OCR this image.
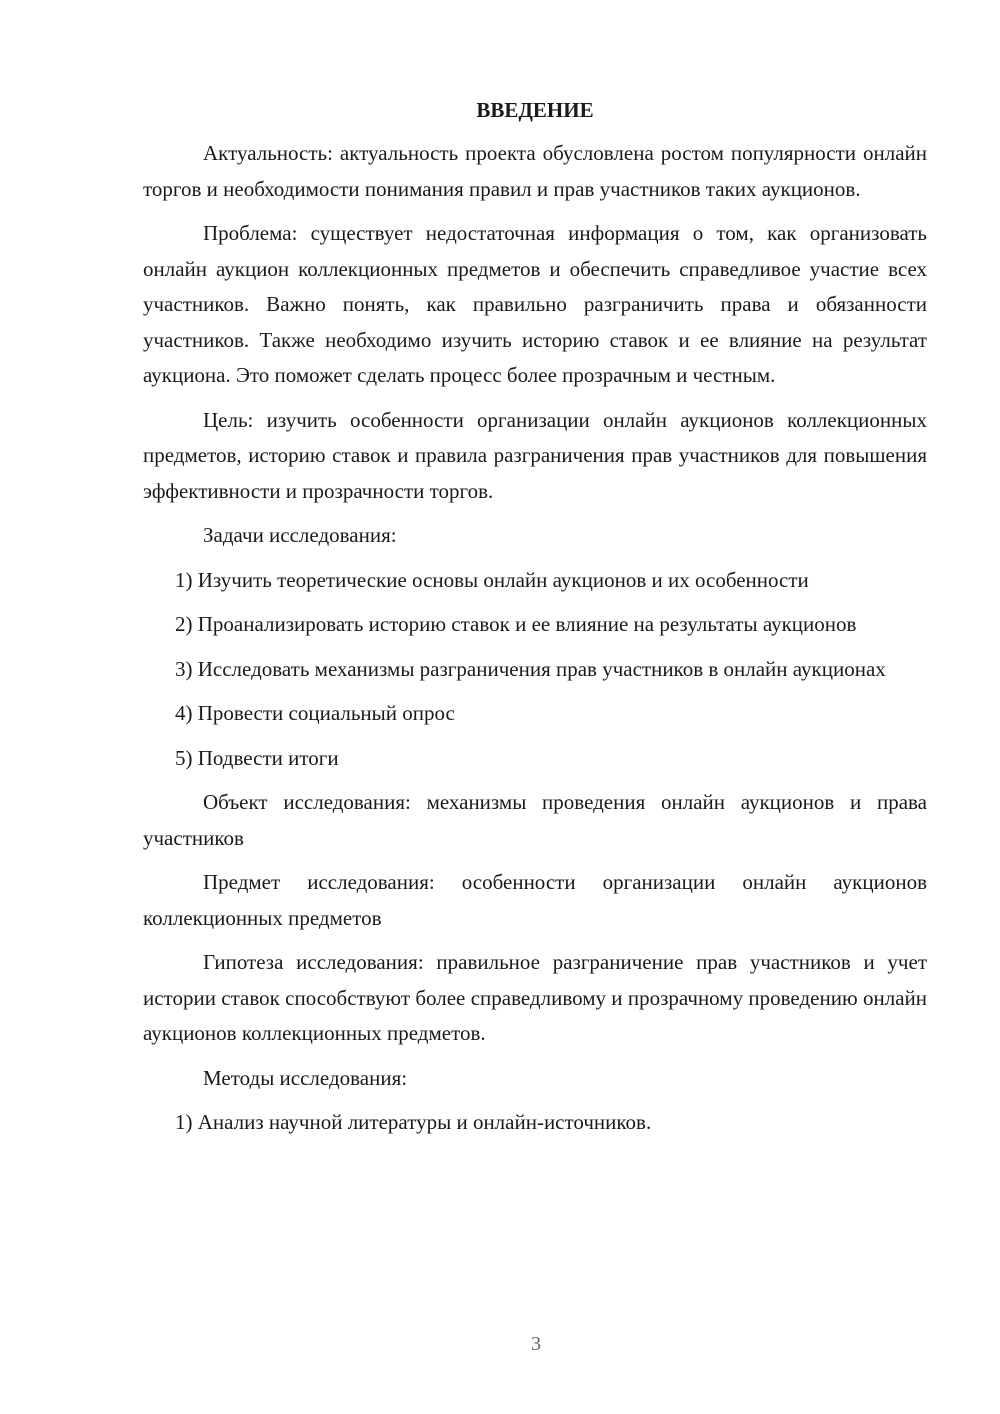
ВВЕДЕНИЕ

Актуальность: актуальность проекта обусловлена ростом популярности онлайн торгов и необходимости понимания правил и прав участников таких аукционов.

Проблема: существует недостаточная информация о том, как организовать онлайн аукцион коллекционных предметов и обеспечить справедливое участие всех участников. Важно понять, как правильно разграничить права и обязанности участников. Также необходимо изучить историю ставок и ее влияние на результат аукциона. Это поможет сделать процесс более прозрачным и честным.

Цель: изучить особенности организации онлайн аукционов коллекционных предметов, историю ставок и правила разграничения прав участников для повышения эффективности и прозрачности торгов.

Задачи исследования:

1) Изучить теоретические основы онлайн аукционов и их особенности

2) Проанализировать историю ставок и ее влияние на результаты аукционов

3) Исследовать механизмы разграничения прав участников в онлайн аукционах

4) Провести социальный опрос

5) Подвести итоги

Объект исследования: механизмы проведения онлайн аукционов и права участников

Предмет исследования: особенности организации онлайн аукционов коллекционных предметов

Гипотеза исследования: правильное разграничение прав участников и учет истории ставок способствуют более справедливому и прозрачному проведению онлайн аукционов коллекционных предметов.

Методы исследования:

1) Анализ научной литературы и онлайн-источников.

3
